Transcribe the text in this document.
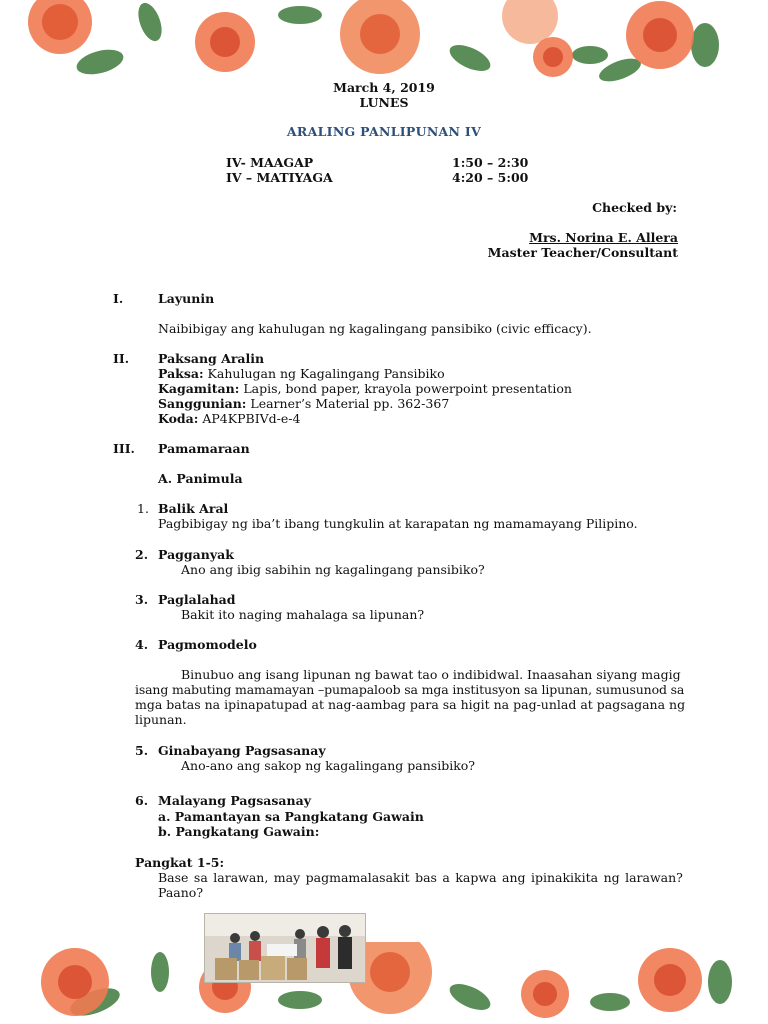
March 4, 2019
LUNES
ARALING PANLIPUNAN IV
IV- MAAGAP	1:50 – 2:30
IV – MATIYAGA	4:20 – 5:00
Checked by:
Mrs. Norina E. Allera
Master Teacher/Consultant
I.	Layunin
Naibibigay ang kahulugan ng kagalingang pansibiko (civic efficacy).
II. Paksang Aralin
Paksa: Kahulugan ng Kagalingang Pansibiko
Kagamitan: Lapis, bond paper, krayola powerpoint presentation
Sanggunian: Learner’s Material pp. 362-367
Koda: AP4KPBIVd-e-4
III. Pamamaraan
A. Panimula
1. Balik Aral
Pagbibigay ng iba’t ibang tungkulin at karapatan ng mamamayang Pilipino.
2. Pagganyak
Ano ang ibig sabihin ng kagalingang pansibiko?
3. Paglalahad
Bakit ito naging mahalaga sa lipunan?
4. Pagmomodelo
Binubuo ang isang lipunan ng bawat tao o indibidwal. Inaasahan siyang magig
isang mabuting mamamayan –pumapaloob sa mga institusyon sa lipunan, sumusunod sa
mga batas na ipinapatupad at nag-aambag para sa higit na pag-unlad at pagsagana ng
lipunan.
5. Ginabayang Pagsasanay
Ano-ano ang sakop ng kagalingang pansibiko?
6. Malayang Pagsasanay
a. Pamantayan sa Pangkatang Gawain
b. Pangkatang Gawain:
Pangkat 1-5:
Base sa larawan, may pagmamalasakit bas a kapwa ang ipinakikita ng larawan?
Paano?
